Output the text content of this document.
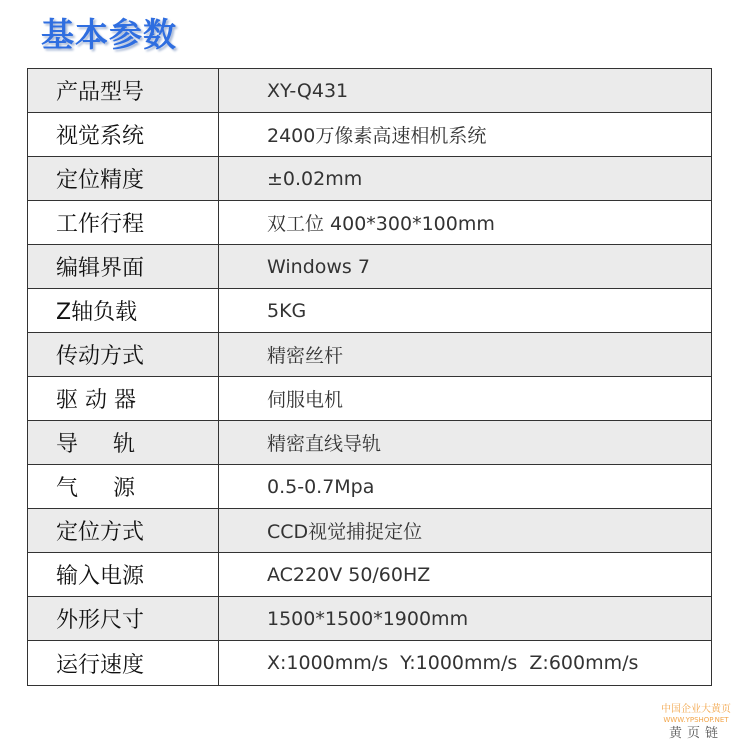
基本参数
产品型号	XY-Q431
视觉系统	2400万像素高速相机系统
定位精度	±0.02mm
工作行程	双工位 400*300*100mm
编辑界面	Windows 7
Z轴负载	5KG
传动方式	精密丝杆
驱 动 器	伺服电机
导     轨	精密直线导轨
气     源	0.5-0.7Mpa
定位方式	CCD视觉捕捉定位
输入电源	AC220V 50/60HZ
外形尺寸	1500*1500*1900mm
运行速度	X:1000mm/s  Y:1000mm/s  Z:600mm/s
中国企业大黄页
WWW.YPSHOP.NET
黄页链
